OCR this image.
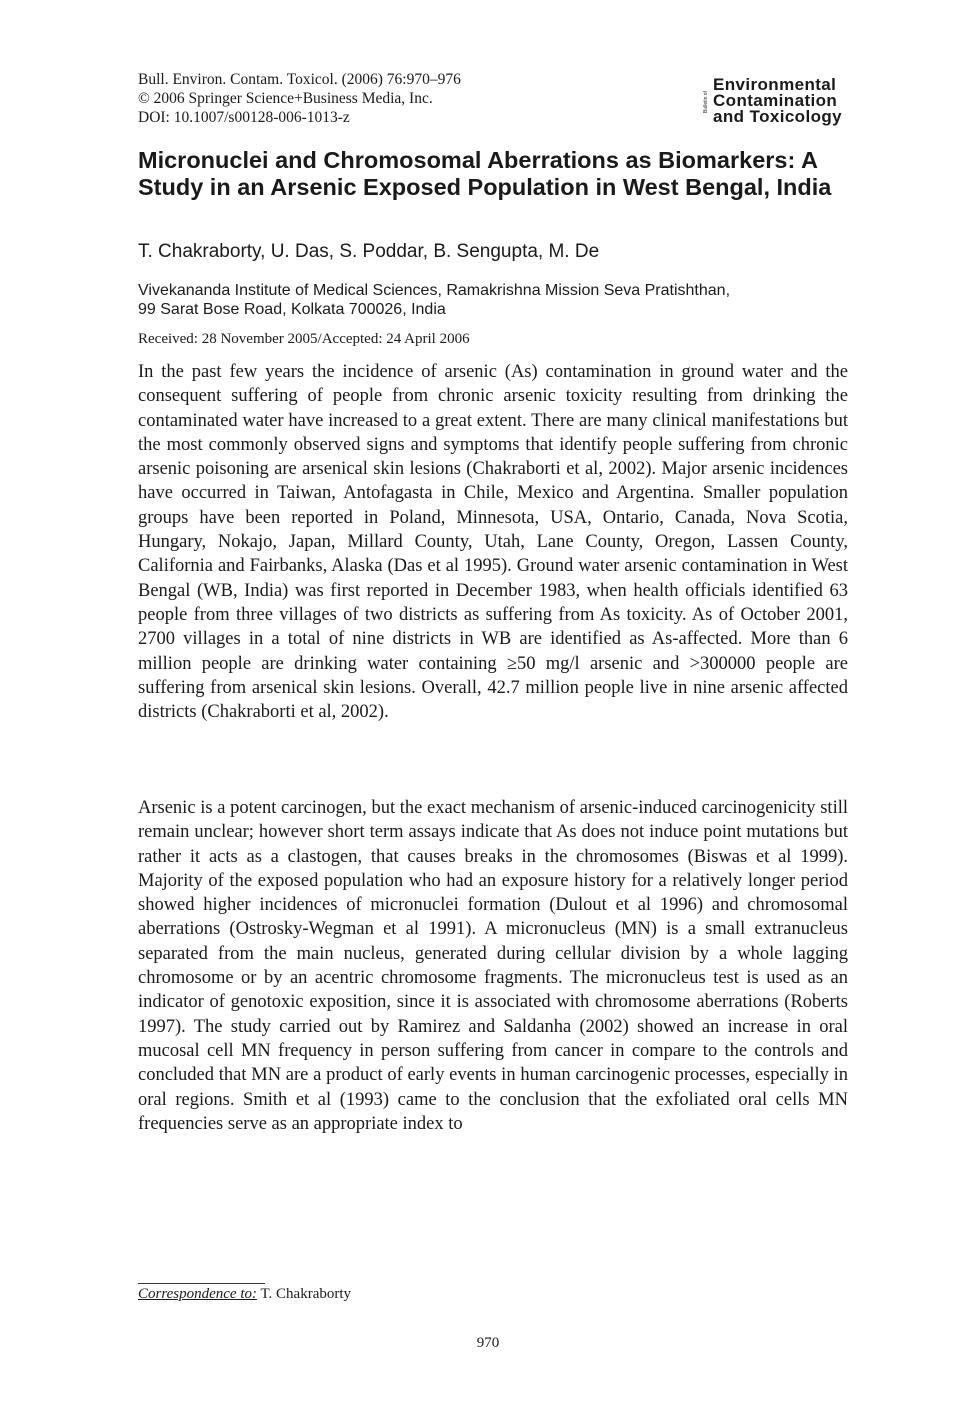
Bull. Environ. Contam. Toxicol. (2006) 76:970–976
© 2006 Springer Science+Business Media, Inc.
DOI: 10.1007/s00128-006-1013-z
Bulletin of
Environmental
Contamination
and Toxicology
Micronuclei and Chromosomal Aberrations as Biomarkers: A Study in an Arsenic Exposed Population in West Bengal, India
T. Chakraborty, U. Das, S. Poddar, B. Sengupta, M. De
Vivekananda Institute of Medical Sciences, Ramakrishna Mission Seva Pratishthan,
99 Sarat Bose Road, Kolkata 700026, India
Received: 28 November 2005/Accepted: 24 April 2006

In the past few years the incidence of arsenic (As) contamination in ground water and the consequent suffering of people from chronic arsenic toxicity resulting from drinking the contaminated water have increased to a great extent. There are many clinical manifestations but the most commonly observed signs and symptoms that identify people suffering from chronic arsenic poisoning are arsenical skin lesions (Chakraborti et al, 2002). Major arsenic incidences have occurred in Taiwan, Antofagasta in Chile, Mexico and Argentina. Smaller population groups have been reported in Poland, Minnesota, USA, Ontario, Canada, Nova Scotia, Hungary, Nokajo, Japan, Millard County, Utah, Lane County, Oregon, Lassen County, California and Fairbanks, Alaska (Das et al 1995). Ground water arsenic contamination in West Bengal (WB, India) was first reported in December 1983, when health officials identified 63 people from three villages of two districts as suffering from As toxicity. As of October 2001, 2700 villages in a total of nine districts in WB are identified as As-affected. More than 6 million people are drinking water containing ≥50 mg/l arsenic and >300000 people are suffering from arsenical skin lesions. Overall, 42.7 million people live in nine arsenic affected districts (Chakraborti et al, 2002).

Arsenic is a potent carcinogen, but the exact mechanism of arsenic-induced carcinogenicity still remain unclear; however short term assays indicate that As does not induce point mutations but rather it acts as a clastogen, that causes breaks in the chromosomes (Biswas et al 1999). Majority of the exposed population who had an exposure history for a relatively longer period showed higher incidences of micronuclei formation (Dulout et al 1996) and chromosomal aberrations (Ostrosky-Wegman et al 1991). A micronucleus (MN) is a small extranucleus separated from the main nucleus, generated during cellular division by a whole lagging chromosome or by an acentric chromosome fragments. The micronucleus test is used as an indicator of genotoxic exposition, since it is associated with chromosome aberrations (Roberts 1997). The study carried out by Ramirez and Saldanha (2002) showed an increase in oral mucosal cell MN frequency in person suffering from cancer in compare to the controls and concluded that MN are a product of early events in human carcinogenic processes, especially in oral regions. Smith et al (1993) came to the conclusion that the exfoliated oral cells MN frequencies serve as an appropriate index to

Correspondence to: T. Chakraborty
970
